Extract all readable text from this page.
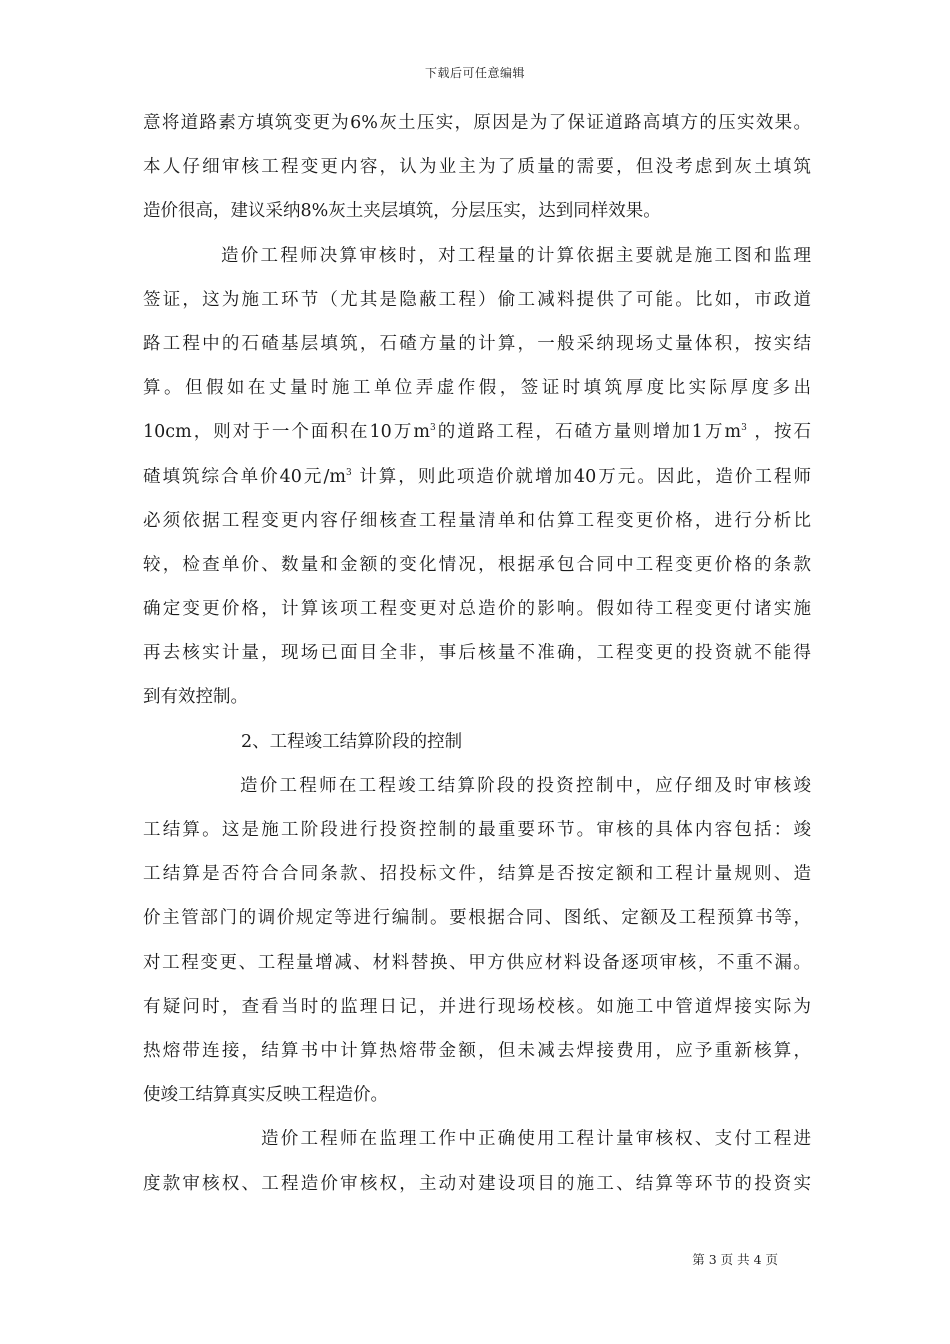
下载后可任意编辑
意将道路素方填筑变更为6%灰土压实，原因是为了保证道路高填方的压实效果。
本人仔细审核工程变更内容，认为业主为了质量的需要，但没考虑到灰土填筑
造价很高，建议采纳8%灰土夹层填筑，分层压实，达到同样效果。
造价工程师决算审核时，对工程量的计算依据主要就是施工图和监理
签证，这为施工环节（尤其是隐蔽工程）偷工减料提供了可能。比如，市政道
路工程中的石碴基层填筑，石碴方量的计算，一般采纳现场丈量体积，按实结
算。但假如在丈量时施工单位弄虚作假，签证时填筑厚度比实际厚度多出
10cm，则对于一个面积在10万$m^3$的道路工程，石碴方量则增加1万$m^3$ ，按石
碴填筑综合单价40元$/m^3$ 计算，则此项造价就增加40万元。因此，造价工程师
必须依据工程变更内容仔细核查工程量清单和估算工程变更价格，进行分析比
较，检查单价、数量和金额的变化情况，根据承包合同中工程变更价格的条款
确定变更价格，计算该项工程变更对总造价的影响。假如待工程变更付诸实施
再去核实计量，现场已面目全非，事后核量不准确，工程变更的投资就不能得
到有效控制。
2、工程竣工结算阶段的控制
造价工程师在工程竣工结算阶段的投资控制中，应仔细及时审核竣
工结算。这是施工阶段进行投资控制的最重要环节。审核的具体内容包括：竣
工结算是否符合合同条款、招投标文件，结算是否按定额和工程计量规则、造
价主管部门的调价规定等进行编制。要根据合同、图纸、定额及工程预算书等，
对工程变更、工程量增减、材料替换、甲方供应材料设备逐项审核，不重不漏。
有疑问时，查看当时的监理日记，并进行现场校核。如施工中管道焊接实际为
热熔带连接，结算书中计算热熔带金额，但未减去焊接费用，应予重新核算，
使竣工结算真实反映工程造价。
造价工程师在监理工作中正确使用工程计量审核权、支付工程进
度款审核权、工程造价审核权，主动对建设项目的施工、结算等环节的投资实
第 3 页 共 4 页
